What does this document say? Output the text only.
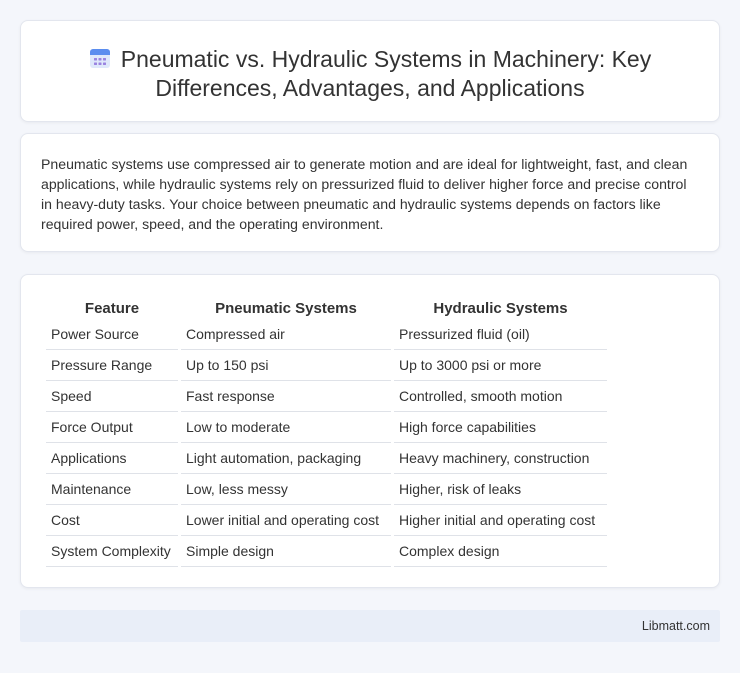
Pneumatic vs. Hydraulic Systems in Machinery: Key Differences, Advantages, and Applications

Pneumatic systems use compressed air to generate motion and are ideal for lightweight, fast, and clean applications, while hydraulic systems rely on pressurized fluid to deliver higher force and precise control in heavy-duty tasks. Your choice between pneumatic and hydraulic systems depends on factors like required power, speed, and the operating environment.

Feature	Pneumatic Systems	Hydraulic Systems
Power Source	Compressed air	Pressurized fluid (oil)
Pressure Range	Up to 150 psi	Up to 3000 psi or more
Speed	Fast response	Controlled, smooth motion
Force Output	Low to moderate	High force capabilities
Applications	Light automation, packaging	Heavy machinery, construction
Maintenance	Low, less messy	Higher, risk of leaks
Cost	Lower initial and operating cost	Higher initial and operating cost
System Complexity	Simple design	Complex design
Libmatt.com
